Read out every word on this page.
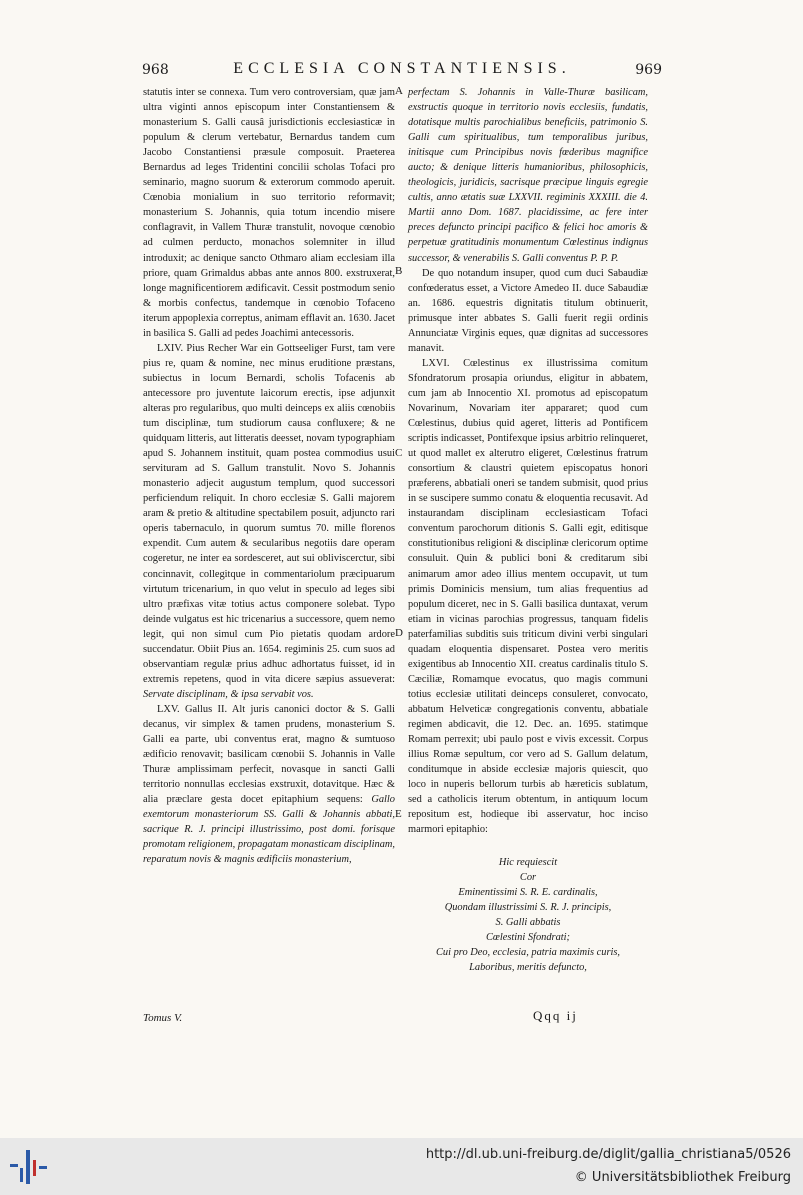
968	ECCLESIA CONSTANTIENSIS.	969

statutis inter se connexa. Tum vero controversiam, quæ jam ultra viginti annos episcopum inter Constantiensem & monasterium S. Galli causâ jurisdictionis ecclesiasticæ in populum & clerum vertebatur, Bernardus tandem cum Jacobo Constantiensi præsule composuit. Praeterea Bernardus ad leges Tridentini concilii scholas Tofaci pro seminario, magno suorum & exterorum commodo aperuit. Cœnobia monialium in suo territorio reformavit; monasterium S. Johannis, quia totum incendio misere conflagravit, in Vallem Thuræ transtulit, novoque cœnobio ad culmen perducto, monachos solemniter in illud introduxit; ac denique sancto Othmaro aliam ecclesiam illa priore, quam Grimaldus abbas ante annos 800. exstruxerat, longe magnificentiorem ædificavit. Cessit postmodum senio & morbis confectus, tandemque in cœnobio Tofaceno iterum appoplexia correptus, animam efflavit an. 1630. Jacet in basilica S. Galli ad pedes Joachimi antecessoris.

LXIV. Pius Recher War ein Gottseeliger Furst, tam vere pius re, quam & nomine, nec minus eruditione præstans, subiectus in locum Bernardi, scholis Tofacenis ab antecessore pro juventute laicorum erectis, ipse adjunxit alteras pro regularibus, quo multi deinceps ex aliis cœnobiis tum disciplinæ, tum studiorum causa confluxere; & ne quidquam litteris, aut litteratis deesset, novam typographiam apud S. Johannem instituit, quam postea commodius usui servituram ad S. Gallum transtulit. Novo S. Johannis monasterio adjecit augustum templum, quod successori perficiendum reliquit. In choro ecclesiæ S. Galli majorem aram & pretio & altitudine spectabilem posuit, adjuncto rari operis tabernaculo, in quorum sumtus 70. mille florenos expendit. Cum autem & secularibus negotiis dare operam cogeretur, ne inter ea sordesceret, aut sui obliviscerctur, sibi concinnavit, collegitque in commentariolum præcipuarum virtutum tricenarium, in quo velut in speculo ad leges sibi ultro præfixas vitæ totius actus componere solebat. Typo deinde vulgatus est hic tricenarius a successore, quem nemo legit, qui non simul cum Pio pietatis quodam ardore succendatur. Obiit Pius an. 1654. regiminis 25. cum suos ad observantiam regulæ prius adhuc adhortatus fuisset, id in extremis repetens, quod in vita dicere sæpius assueverat: Servate disciplinam, & ipsa servabit vos.

LXV. Gallus II. Alt juris canonici doctor & S. Galli decanus, vir simplex & tamen prudens, monasterium S. Galli ea parte, ubi conventus erat, magno & sumtuoso ædificio renovavit; basilicam cœnobii S. Johannis in Valle Thuræ amplissimam perfecit, novasque in sancti Galli territorio nonnullas ecclesias exstruxit, dotavitque. Hæc & alia præclare gesta docet epitaphium sequens: Gallo exemtorum monasteriorum SS. Galli & Johannis abbati, sacrique R. J. principi illustrissimo, post domi. forisque promotam religionem, propagatam monasticam disciplinam, reparatum novis & magnis ædificiis monasterium,

A
B
C
D
E

perfectam S. Johannis in Valle-Thuræ basilicam, exstructis quoque in territorio novis ecclesiis, fundatis, dotatisque multis parochialibus beneficiis, patrimonio S. Galli cum spiritualibus, tum temporalibus juribus, initisque cum Principibus novis fœderibus magnifice aucto; & denique litteris humanioribus, philosophicis, theologicis, juridicis, sacrisque præcipue linguis egregie cultis, anno ætatis suæ LXXVII. regiminis XXXIII. die 4. Martii anno Dom. 1687. placidissime, ac fere inter preces defuncto principi pacifico & felici hoc amoris & perpetuæ gratitudinis monumentum Cœlestinus indignus successor, & venerabilis S. Galli conventus P. P. P.

De quo notandum insuper, quod cum duci Sabaudiæ confœderatus esset, a Victore Amedeo II. duce Sabaudiæ an. 1686. equestris dignitatis titulum obtinuerit, primusque inter abbates S. Galli fuerit regii ordinis Annunciatæ Virginis eques, quæ dignitas ad successores manavit.

LXVI. Cœlestinus ex illustrissima comitum Sfondratorum prosapia oriundus, eligitur in abbatem, cum jam ab Innocentio XI. promotus ad episcopatum Novarinum, Novariam iter appararet; quod cum Cœlestinus, dubius quid ageret, litteris ad Pontificem scriptis indicasset, Pontifexque ipsius arbitrio relinqueret, ut quod mallet ex alterutro eligeret, Cœlestinus fratrum consortium & claustri quietem episcopatus honori præferens, abbatiali oneri se tandem submisit, quod prius in se suscipere summo conatu & eloquentia recusavit. Ad instaurandam disciplinam ecclesiasticam Tofaci conventum parochorum ditionis S. Galli egit, editisque constitutionibus religioni & disciplinæ clericorum optime consuluit. Quin & publici boni & creditarum sibi animarum amor adeo illius mentem occupavit, ut tum primis Dominicis mensium, tum alias frequentius ad populum diceret, nec in S. Galli basilica duntaxat, verum etiam in vicinas parochias progressus, tanquam fidelis paterfamilias subditis suis triticum divini verbi singulari quadam eloquentia dispensaret. Postea vero meritis exigentibus ab Innocentio XII. creatus cardinalis titulo S. Cæciliæ, Romamque evocatus, quo magis communi totius ecclesiæ utilitati deinceps consuleret, convocato, abbatum Helveticæ congregationis conventu, abbatiale regimen abdicavit, die 12. Dec. an. 1695. statimque Romam perrexit; ubi paulo post e vivis excessit. Corpus illius Romæ sepultum, cor vero ad S. Gallum delatum, conditumque in abside ecclesiæ majoris quiescit, quo loco in nuperis bellorum turbis ab hæreticis sublatum, sed a catholicis iterum obtentum, in antiquum locum repositum est, hodieque ibi asservatur, hoc inciso marmori epitaphio:

Hic requiescit
Cor
Eminentissimi S. R. E. cardinalis,
Quondam illustrissimi S. R. J. principis,
S. Galli abbatis
Cœlestini Sfondrati;
Cui pro Deo, ecclesia, patria maximis curis,
Laboribus, meritis defuncto,
Tomus V.	Qqq ij
http://dl.ub.uni-freiburg.de/diglit/gallia_christiana5/0526
© Universitätsbibliothek Freiburg
